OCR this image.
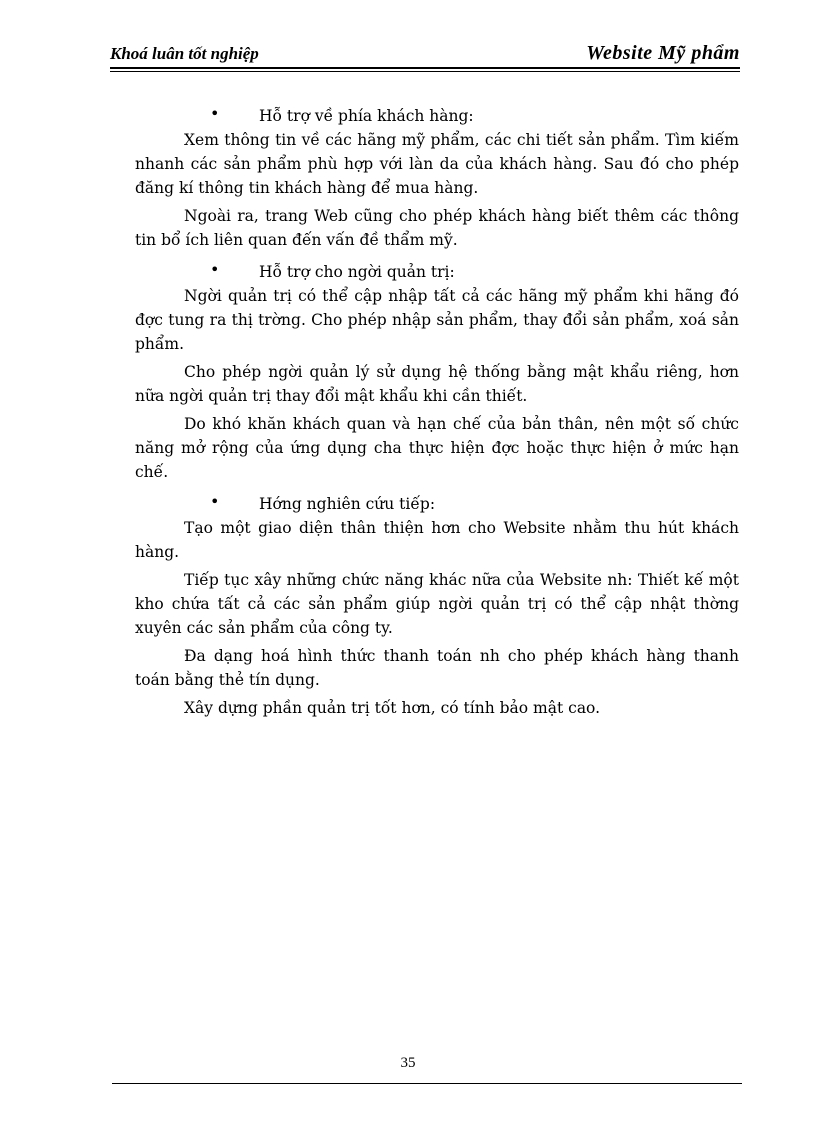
Khoá luân tốt nghiệp	Website Mỹ phẩm
•	Hỗ trợ về phía khách hàng:

Xem thông tin về các hãng mỹ phẩm, các chi tiết sản phẩm. Tìm kiếm nhanh các sản phẩm phù hợp với làn da của khách hàng. Sau đó cho phép đăng kí thông tin khách hàng để mua hàng.

Ngoài ra, trang Web cũng cho phép khách hàng biết thêm các thông tin bổ ích liên quan đến vấn đề thẩm mỹ.

•	Hỗ trợ cho ngời quản trị:

Ngời quản trị có thể cập nhập tất cả các hãng mỹ phẩm khi hãng đó đợc tung ra thị trờng. Cho phép nhập sản phẩm, thay đổi sản phẩm, xoá sản phẩm.

Cho phép ngời quản lý sử dụng hệ thống bằng mật khẩu riêng, hơn nữa ngời quản trị thay đổi mật khẩu khi cần thiết.

Do khó khăn khách quan và hạn chế của bản thân, nên một số chức năng mở rộng của ứng dụng cha thực hiện đợc hoặc thực hiện ở mức hạn chế.

•	Hớng nghiên cứu tiếp:

Tạo một giao diện thân thiện hơn cho Website nhằm thu hút khách hàng.

Tiếp tục xây những chức năng khác nữa của Website nh: Thiết kế một kho chứa tất cả các sản phẩm giúp ngời quản trị có thể cập nhật thờng xuyên các sản phẩm của công ty.

Đa dạng hoá hình thức thanh toán nh cho phép khách hàng thanh toán bằng thẻ tín dụng.

Xây dựng phần quản trị tốt hơn, có tính bảo mật cao.

35
